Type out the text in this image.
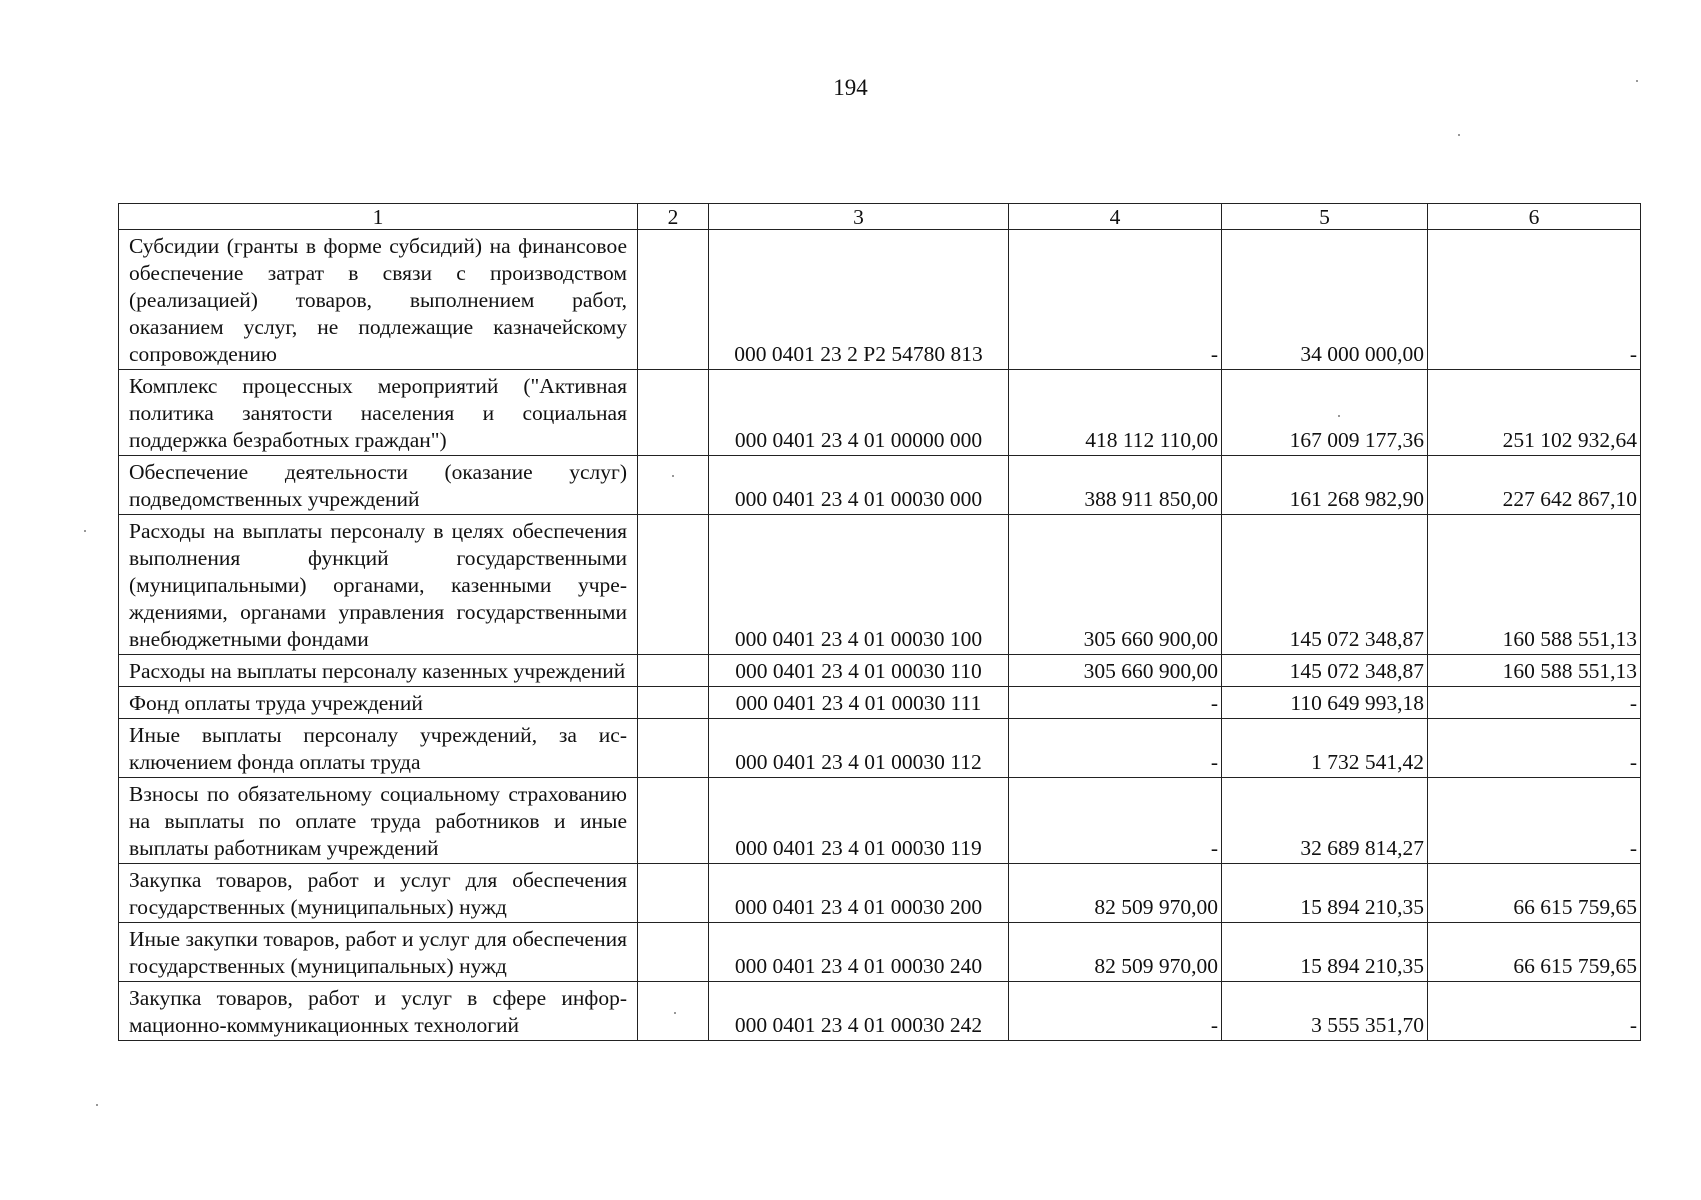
194
1	2	3	4	5	6
Субсидии (гранты в форме субсидий) на финансовое обеспечение затрат в связи с производством (реализацией) товаров, выполнением работ, оказанием услуг, не подлежащие казначейскому сопровождению		000 0401 23 2 Р2 54780 813	-	34 000 000,00	-
Комплекс процессных мероприятий ("Активная политика занятости населения и социальная поддержка безработных граждан")		000 0401 23 4 01 00000 000	418 112 110,00	167 009 177,36	251 102 932,64
Обеспечение деятельности (оказание услуг) подведомственных учреждений		000 0401 23 4 01 00030 000	388 911 850,00	161 268 982,90	227 642 867,10
Расходы на выплаты персоналу в целях обеспечения выполнения функций государственными (муниципальными) органами, казенными учреждениями, органами управления государственными внебюджетными фондами		000 0401 23 4 01 00030 100	305 660 900,00	145 072 348,87	160 588 551,13
Расходы на выплаты персоналу казенных учреждений		000 0401 23 4 01 00030 110	305 660 900,00	145 072 348,87	160 588 551,13
Фонд оплаты труда учреждений		000 0401 23 4 01 00030 111	-	110 649 993,18	-
Иные выплаты персоналу учреждений, за исключением фонда оплаты труда		000 0401 23 4 01 00030 112	-	1 732 541,42	-
Взносы по обязательному социальному страхованию на выплаты по оплате труда работников и иные выплаты работникам учреждений		000 0401 23 4 01 00030 119	-	32 689 814,27	-
Закупка товаров, работ и услуг для обеспечения государственных (муниципальных) нужд		000 0401 23 4 01 00030 200	82 509 970,00	15 894 210,35	66 615 759,65
Иные закупки товаров, работ и услуг для обеспечения государственных (муниципальных) нужд		000 0401 23 4 01 00030 240	82 509 970,00	15 894 210,35	66 615 759,65
Закупка товаров, работ и услуг в сфере информационно-коммуникационных технологий		000 0401 23 4 01 00030 242	-	3 555 351,70	-
